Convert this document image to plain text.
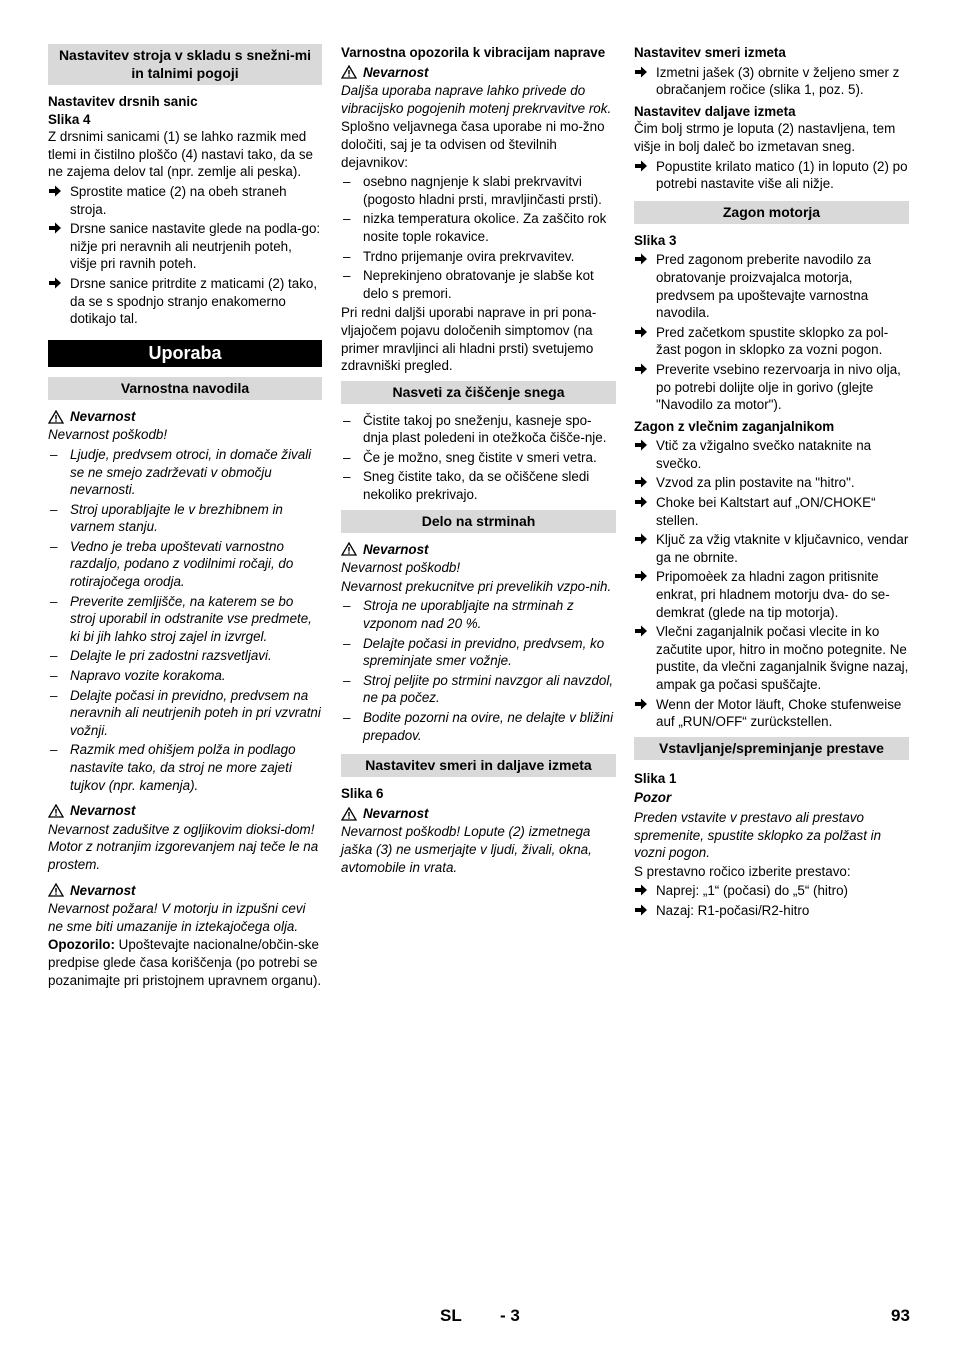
Nastavitev stroja v skladu s snežni-mi in talnimi pogoji

Nastavitev drsnih sanic

Slika 4

Z drsnimi sanicami (1) se lahko razmik med tlemi in čistilno ploščo (4) nastavi tako, da se ne zajema delov tal (npr. zemlje ali peska).

Sprostite matice (2) na obeh straneh stroja.
Drsne sanice nastavite glede na podla-go: nižje pri neravnih ali neutrjenih poteh, višje pri ravnih poteh.
Drsne sanice pritrdite z maticami (2) tako, da se s spodnjo stranjo enakomerno dotikajo tal.
Uporaba
Varnostna navodila
Nevarnost

Nevarnost poškodb!

– Ljudje, predvsem otroci, in domače živali se ne smejo zadrževati v območju nevarnosti.
– Stroj uporabljajte le v brezhibnem in varnem stanju.
– Vedno je treba upoštevati varnostno razdaljo, podano z vodilnimi ročaji, do rotirajočega orodja.
– Preverite zemljišče, na katerem se bo stroj uporabil in odstranite vse predmete, ki bi jih lahko stroj zajel in izvrgel.
– Delajte le pri zadostni razsvetljavi.
– Napravo vozite korakoma.
– Delajte počasi in previdno, predvsem na neravnih ali neutrjenih poteh in pri vzvratni vožnji.
– Razmik med ohišjem polža in podlago nastavite tako, da stroj ne more zajeti tujkov (npr. kamenja).
Nevarnost

Nevarnost zadušitve z ogljikovim dioksi-dom! Motor z notranjim izgorevanjem naj teče le na prostem.

Nevarnost

Nevarnost požara! V motorju in izpušni cevi ne sme biti umazanije in iztekajočega olja.

Opozorilo: Upoštevajte nacionalne/občin-ske predpise glede časa koriščenja (po potrebi se pozanimajte pri pristojnem upravnem organu).

Varnostna opozorila k vibracijam naprave

Nevarnost

Daljša uporaba naprave lahko privede do vibracijsko pogojenih motenj prekrvavitve rok.

Splošno veljavnega časa uporabe ni mo-žno določiti, saj je ta odvisen od številnih dejavnikov:

– osebno nagnjenje k slabi prekrvavitvi (pogosto hladni prsti, mravljinčasti prsti).
– nizka temperatura okolice. Za zaščito rok nosite tople rokavice.
– Trdno prijemanje ovira prekrvavitev.
– Neprekinjeno obratovanje je slabše kot delo s premori.

Pri redni daljši uporabi naprave in pri pona-vljajočem pojavu določenih simptomov (na primer mravljinci ali hladni prsti) svetujemo zdravniški pregled.

Nasveti za čiščenje snega
– Čistite takoj po sneženju, kasneje spo-dnja plast poledeni in otežkoča čišče-nje.
– Če je možno, sneg čistite v smeri vetra.
– Sneg čistite tako, da se očiščene sledi nekoliko prekrivajo.
Delo na strminah
Nevarnost

Nevarnost poškodb!

Nevarnost prekucnitve pri prevelikih vzpo-nih.

– Stroja ne uporabljajte na strminah z vzponom nad 20 %.
– Delajte počasi in previdno, predvsem, ko spreminjate smer vožnje.
– Stroj peljite po strmini navzgor ali navzdol, ne pa počez.
– Bodite pozorni na ovire, ne delajte v bližini prepadov.
Nastavitev smeri in daljave izmeta

Slika 6

Nevarnost

Nevarnost poškodb! Lopute (2) izmetnega jaška (3) ne usmerjajte v ljudi, živali, okna, avtomobile in vrata.

Nastavitev smeri izmeta

Izmetni jašek (3) obrnite v željeno smer z obračanjem ročice (slika 1, poz. 5).

Nastavitev daljave izmeta

Čim bolj strmo je loputa (2) nastavljena, tem višje in bolj daleč bo izmetavan sneg.

Popustite krilato matico (1) in loputo (2) po potrebi nastavite više ali nižje.
Zagon motorja

Slika 3

Pred zagonom preberite navodilo za obratovanje proizvajalca motorja, predvsem pa upoštevajte varnostna navodila.
Pred začetkom spustite sklopko za pol-žast pogon in sklopko za vozni pogon.
Preverite vsebino rezervoarja in nivo olja, po potrebi dolijte olje in gorivo (glejte "Navodilo za motor").

Zagon z vlečnim zaganjalnikom

Vtič za vžigalno svečko nataknite na svečko.
Vzvod za plin postavite na "hitro".
Choke bei Kaltstart auf „ON/CHOKE“ stellen.
Ključ za vžig vtaknite v ključavnico, vendar ga ne obrnite.
Pripomoèek za hladni zagon pritisnite enkrat, pri hladnem motorju dva- do se-demkrat (glede na tip motorja).
Vlečni zaganjalnik počasi vlecite in ko začutite upor, hitro in močno potegnite. Ne pustite, da vlečni zaganjalnik švigne nazaj, ampak ga počasi spuščajte.
Wenn der Motor läuft, Choke stufenweise auf „RUN/OFF“ zurückstellen.
Vstavljanje/spreminjanje prestave

Slika 1

Pozor

Preden vstavite v prestavo ali prestavo spremenite, spustite sklopko za polžast in vozni pogon.

S prestavno ročico izberite prestavo:

Naprej: „1“ (počasi) do „5“ (hitro)
Nazaj: R1-počasi/R2-hitro
SL - 3	93
